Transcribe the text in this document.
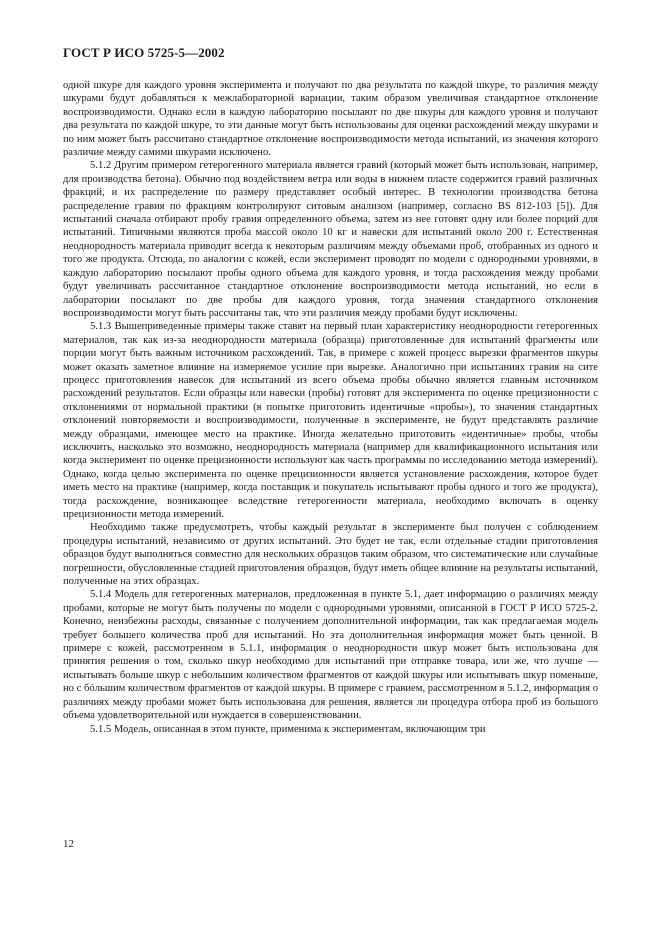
ГОСТ Р ИСО 5725-5—2002

одной шкуре для каждого уровня эксперимента и получают по два результата по каждой шкуре, то различия между шкурами будут добавляться к межлабораторной вариации, таким образом увеличивая стандартное отклонение воспроизводимости. Однако если в каждую лабораторию посылают по две шкуры для каждого уровня и получают два результата по каждой шкуре, то эти данные могут быть использованы для оценки расхождений между шкурами и по ним может быть рассчитано стандартное отклонение воспроизводимости метода испытаний, из значения которого различие между самими шкурами исключено.

5.1.2 Другим примером гетерогенного материала является гравий (который может быть использован, например, для производства бетона). Обычно под воздействием ветра или воды в нижнем пласте содержится гравий различных фракций, и их распределение по размеру представляет особый интерес. В технологии производства бетона распределение гравия по фракциям контролируют ситовым анализом (например, согласно BS 812-103 [5]). Для испытаний сначала отбирают пробу гравия определенного объема, затем из нее готовят одну или более порций для испытаний. Типичными являются проба массой около 10 кг и навески для испытаний около 200 г. Естественная неоднородность материала приводит всегда к некоторым различиям между объемами проб, отобранных из одного и того же продукта. Отсюда, по аналогии с кожей, если эксперимент проводят по модели с однородными уровнями, в каждую лабораторию посылают пробы одного объема для каждого уровня, и тогда расхождения между пробами будут увеличивать рассчитанное стандартное отклонение воспроизводимости метода испытаний, но если в лаборатории посылают по две пробы для каждого уровня, тогда значения стандартного отклонения воспроизводимости могут быть рассчитаны так, что эти различия между пробами будут исключены.

5.1.3 Вышеприведенные примеры также ставят на первый план характеристику неоднородности гетерогенных материалов, так как из-за неоднородности материала (образца) приготовленные для испытаний фрагменты или порции могут быть важным источником расхождений. Так, в примере с кожей процесс вырезки фрагментов шкуры может оказать заметное влияние на измеряемое усилие при вырезке. Аналогично при испытаниях гравия на сите процесс приготовления навесок для испытаний из всего объема пробы обычно является главным источником расхождений результатов. Если образцы или навески (пробы) готовят для эксперимента по оценке прецизионности с отклонениями от нормальной практики (в попытке приготовить идентичные «пробы»), то значения стандартных отклонений повторяемости и воспроизводимости, полученные в эксперименте, не будут представлять различие между образцами, имеющее место на практике. Иногда желательно приготовить «идентичные» пробы, чтобы исключить, насколько это возможно, неоднородность материала (например для квалификационного испытания или когда эксперимент по оценке прецизионности используют как часть программы по исследованию метода измерений). Однако, когда целью эксперимента по оценке прецизионности является установление расхождения, которое будет иметь место на практике (например, когда поставщик и покупатель испытывают пробы одного и того же продукта), тогда расхождение, возникающее вследствие гетерогенности материала, необходимо включать в оценку прецизионности метода измерений.

Необходимо также предусмотреть, чтобы каждый результат в эксперименте был получен с соблюдением процедуры испытаний, независимо от других испытаний. Это будет не так, если отдельные стадии приготовления образцов будут выполняться совместно для нескольких образцов таким образом, что систематические или случайные погрешности, обусловленные стадией приготовления образцов, будут иметь общее влияние на результаты испытаний, полученные на этих образцах.

5.1.4 Модель для гетерогенных материалов, предложенная в пункте 5.1, дает информацию о различиях между пробами, которые не могут быть получены по модели с однородными уровнями, описанной в ГОСТ Р ИСО 5725-2. Конечно, неизбежны расходы, связанные с получением дополнительной информации, так как предлагаемая модель требует большего количества проб для испытаний. Но эта дополнительная информация может быть ценной. В примере с кожей, рассмотренном в 5.1.1, информация о неоднородности шкур может быть использована для принятия решения о том, сколько шкур необходимо для испытаний при отправке товара, или же, что лучше — испытывать больше шкур с небольшим количеством фрагментов от каждой шкуры или испытывать шкур поменьше, но с бóльшим количеством фрагментов от каждой шкуры. В примере с гравием, рассмотренном в 5.1.2, информация о различиях между пробами может быть использована для решения, является ли процедура отбора проб из большого объема удовлетворительной или нуждается в совершенствовании.

5.1.5 Модель, описанная в этом пункте, применима к экспериментам, включающим три

12
